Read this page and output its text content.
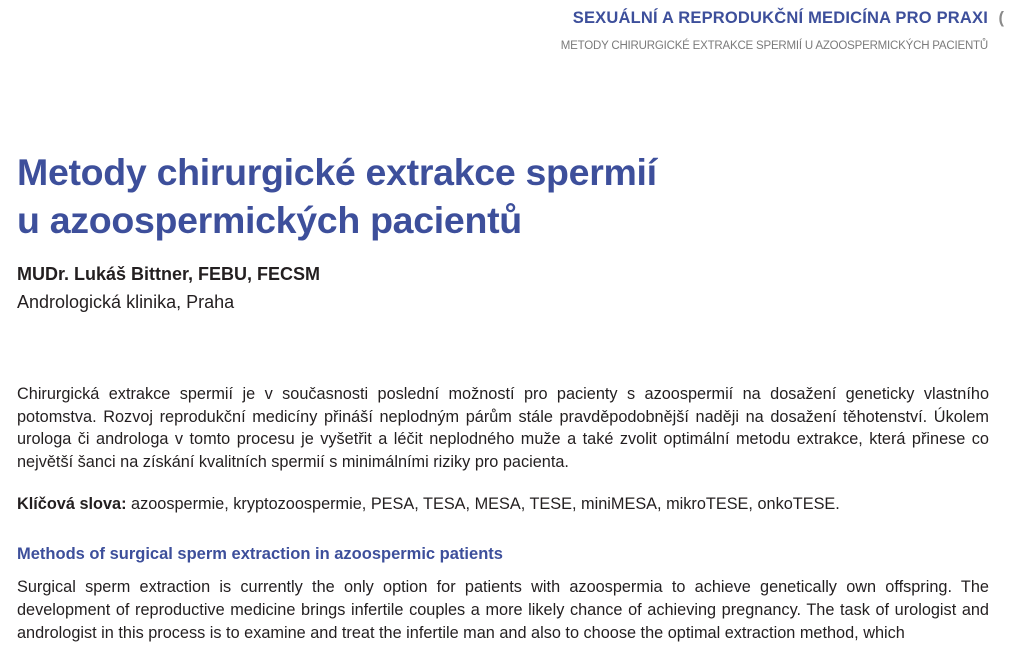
SEXUÁLNÍ A REPRODUKČNÍ MEDICÍNA PRO PRAXI (
METODY CHIRURGICKÉ EXTRAKCE SPERMIÍ U AZOOSPERMICKÝCH PACIENTŮ
Metody chirurgické extrakce spermií
u azoospermických pacientů
MUDr. Lukáš Bittner, FEBU, FECSM
Andrologická klinika, Praha

Chirurgická extrakce spermií je v současnosti poslední možností pro pacienty s azoospermií na dosažení geneticky vlastního potomstva. Rozvoj reprodukční medicíny přináší neplodným párům stále pravděpodobnější naději na dosažení těhotenství. Úkolem urologa či androloga v tomto procesu je vyšetřit a léčit neplodného muže a také zvolit optimální metodu extrakce, která přinese co největší šanci na získání kvalitních spermií s minimálními riziky pro pacienta.

Klíčová slova: azoospermie, kryptozoospermie, PESA, TESA, MESA, TESE, miniMESA, mikroTESE, onkoTESE.

Methods of surgical sperm extraction in azoospermic patients

Surgical sperm extraction is currently the only option for patients with azoospermia to achieve genetically own offspring. The development of reproductive medicine brings infertile couples a more likely chance of achieving pregnancy. The task of urologist and andrologist in this process is to examine and treat the infertile man and also to choose the optimal extraction method, which
